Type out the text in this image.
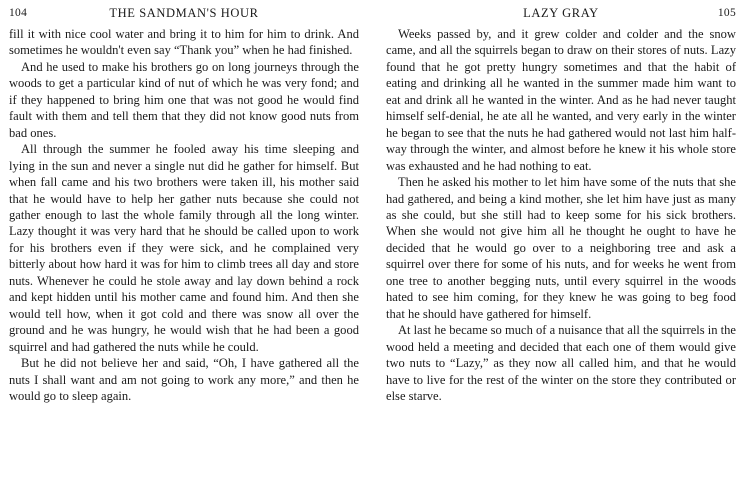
104	THE SANDMAN'S HOUR

fill it with nice cool water and bring it to him for him to drink. And sometimes he wouldn't even say “Thank you” when he had finished.

And he used to make his brothers go on long journeys through the woods to get a particular kind of nut of which he was very fond; and if they happened to bring him one that was not good he would find fault with them and tell them that they did not know good nuts from bad ones.

All through the summer he fooled away his time sleeping and lying in the sun and never a single nut did he gather for himself. But when fall came and his two brothers were taken ill, his mother said that he would have to help her gather nuts because she could not gather enough to last the whole family through all the long winter. Lazy thought it was very hard that he should be called upon to work for his brothers even if they were sick, and he complained very bitterly about how hard it was for him to climb trees all day and store nuts. Whenever he could he stole away and lay down behind a rock and kept hidden until his mother came and found him. And then she would tell how, when it got cold and there was snow all over the ground and he was hungry, he would wish that he had been a good squirrel and had gathered the nuts while he could.

But he did not believe her and said, “Oh, I have gathered all the nuts I shall want and am not going to work any more,” and then he would go to sleep again.

LAZY GRAY	105

Weeks passed by, and it grew colder and colder and the snow came, and all the squirrels began to draw on their stores of nuts. Lazy found that he got pretty hungry sometimes and that the habit of eating and drinking all he wanted in the summer made him want to eat and drink all he wanted in the winter. And as he had never taught himself self-denial, he ate all he wanted, and very early in the winter he began to see that the nuts he had gathered would not last him half-way through the winter, and almost before he knew it his whole store was exhausted and he had nothing to eat.

Then he asked his mother to let him have some of the nuts that she had gathered, and being a kind mother, she let him have just as many as she could, but she still had to keep some for his sick brothers. When she would not give him all he thought he ought to have he decided that he would go over to a neighboring tree and ask a squirrel over there for some of his nuts, and for weeks he went from one tree to another begging nuts, until every squirrel in the woods hated to see him coming, for they knew he was going to beg food that he should have gathered for himself.

At last he became so much of a nuisance that all the squirrels in the wood held a meeting and decided that each one of them would give two nuts to “Lazy,” as they now all called him, and that he would have to live for the rest of the winter on the store they contributed or else starve.
